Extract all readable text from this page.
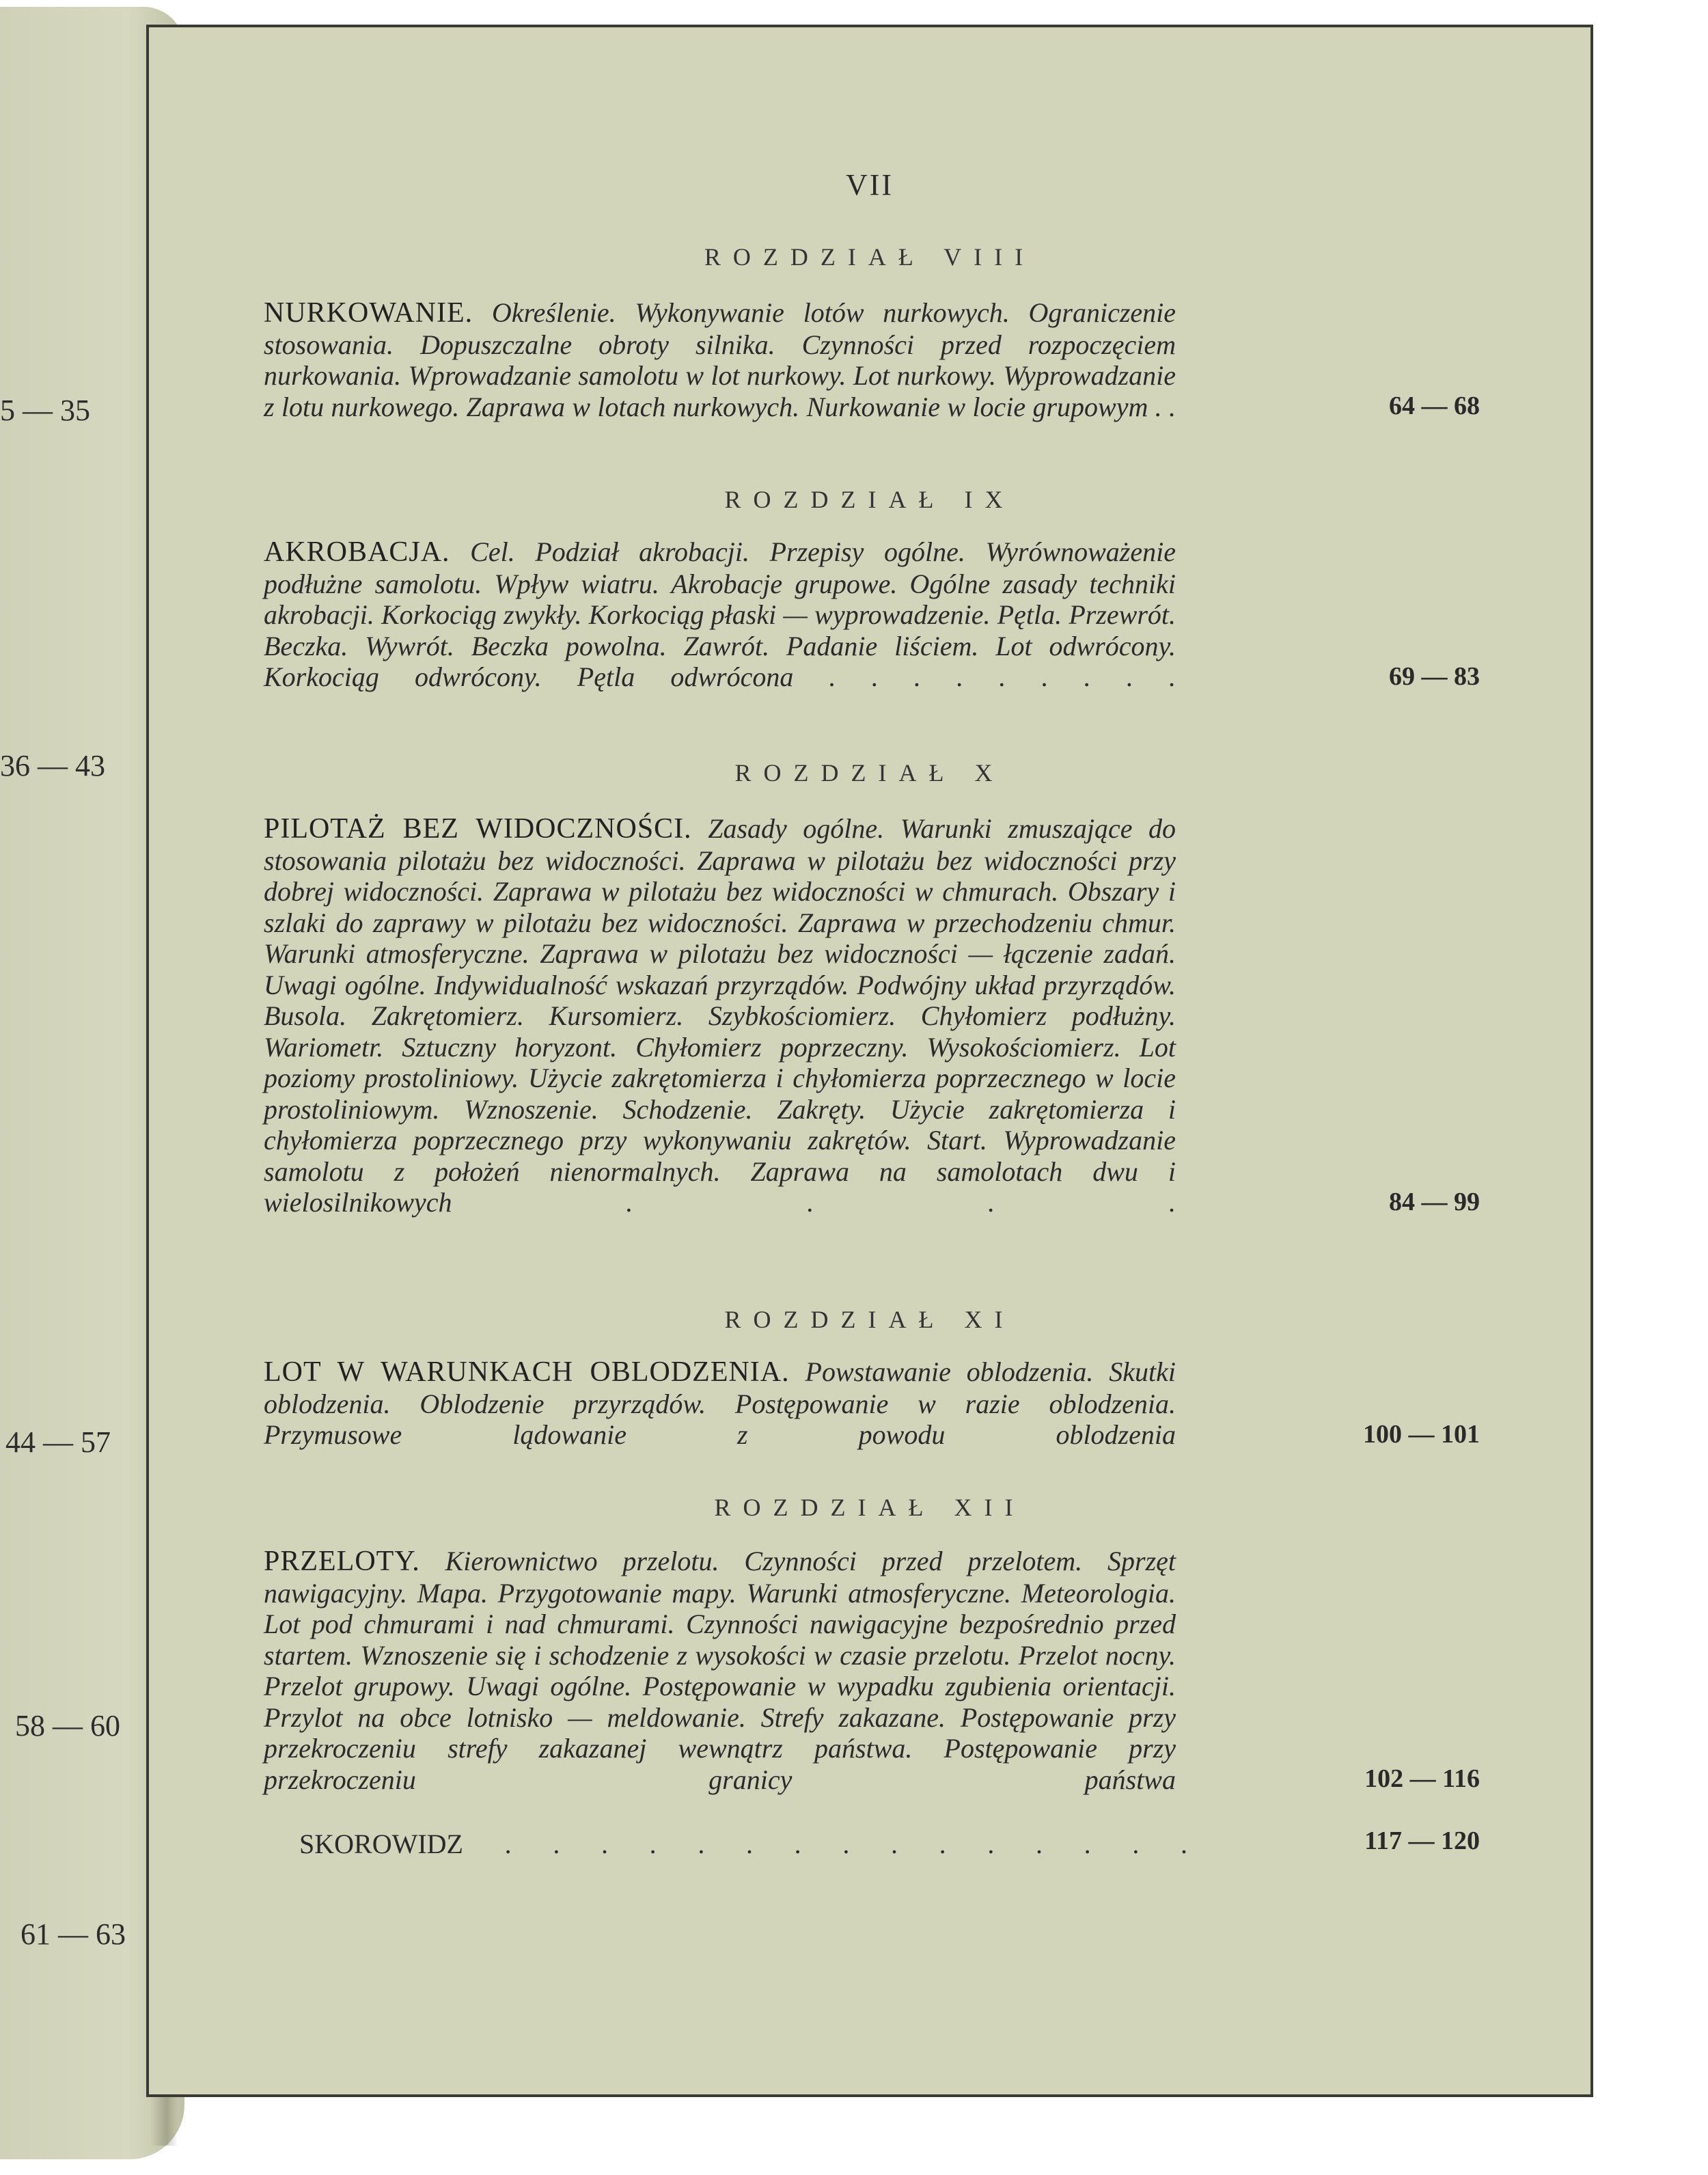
5 — 35
36 — 43
44 — 57
58 — 60
61 — 63
VII
ROZDZIAŁ VIII
NURKOWANIE. Określenie. Wykonywanie lotów nurkowych. Ograniczenie stosowania. Dopuszczalne obroty silnika. Czynności przed rozpoczęciem nurkowania. Wprowadzanie samolotu w lot nurkowy. Lot nurkowy. Wyprowadzanie z lotu nurkowego. Zaprawa w lotach nurkowych. Nurkowanie w locie grupowym . .	64 — 68
ROZDZIAŁ IX
AKROBACJA. Cel. Podział akrobacji. Przepisy ogólne. Wyrównoważenie podłużne samolotu. Wpływ wiatru. Akrobacje grupowe. Ogólne zasady techniki akrobacji. Korkociąg zwykły. Korkociąg płaski — wyprowadzenie. Pętla. Przewrót. Beczka. Wywrót. Beczka powolna. Zawrót. Padanie liściem. Lot odwrócony. Korkociąg odwrócony. Pętla odwrócona . . . . . . . . .	69 — 83
ROZDZIAŁ X
PILOTAŻ BEZ WIDOCZNOŚCI. Zasady ogólne. Warunki zmuszające do stosowania pilotażu bez widoczności. Zaprawa w pilotażu bez widoczności przy dobrej widoczności. Zaprawa w pilotażu bez widoczności w chmurach. Obszary i szlaki do zaprawy w pilotażu bez widoczności. Zaprawa w przechodzeniu chmur. Warunki atmosferyczne. Zaprawa w pilotażu bez widoczności — łączenie zadań. Uwagi ogólne. Indywidualność wskazań przyrządów. Podwójny układ przyrządów. Busola. Zakrętomierz. Kursomierz. Szybkościomierz. Chyłomierz podłużny. Wariometr. Sztuczny horyzont. Chyłomierz poprzeczny. Wysokościomierz. Lot poziomy prostoliniowy. Użycie zakrętomierza i chyłomierza poprzecznego w locie prostoliniowym. Wznoszenie. Schodzenie. Zakręty. Użycie zakrętomierza i chyłomierza poprzecznego przy wykonywaniu zakrętów. Start. Wyprowadzanie samolotu z położeń nienormalnych. Zaprawa na samolotach dwu i wielosilnikowych . . . .	84 — 99
ROZDZIAŁ XI
LOT W WARUNKACH OBLODZENIA. Powstawanie oblodzenia. Skutki oblodzenia. Oblodzenie przyrządów. Postępowanie w razie oblodzenia. Przymusowe lądowanie z powodu oblodzenia	100 — 101
ROZDZIAŁ XII
PRZELOTY. Kierownictwo przelotu. Czynności przed przelotem. Sprzęt nawigacyjny. Mapa. Przygotowanie mapy. Warunki atmosferyczne. Meteorologia. Lot pod chmurami i nad chmurami. Czynności nawigacyjne bezpośrednio przed startem. Wznoszenie się i schodzenie z wysokości w czasie przelotu. Przelot nocny. Przelot grupowy. Uwagi ogólne. Postępowanie w wypadku zgubienia orientacji. Przylot na obce lotnisko — meldowanie. Strefy zakazane. Postępowanie przy przekroczeniu strefy zakazanej wewnątrz państwa. Postępowanie przy przekroczeniu granicy państwa	102 — 116
SKOROWIDZ . . . . . . . . . . . . . . .	117 — 120
